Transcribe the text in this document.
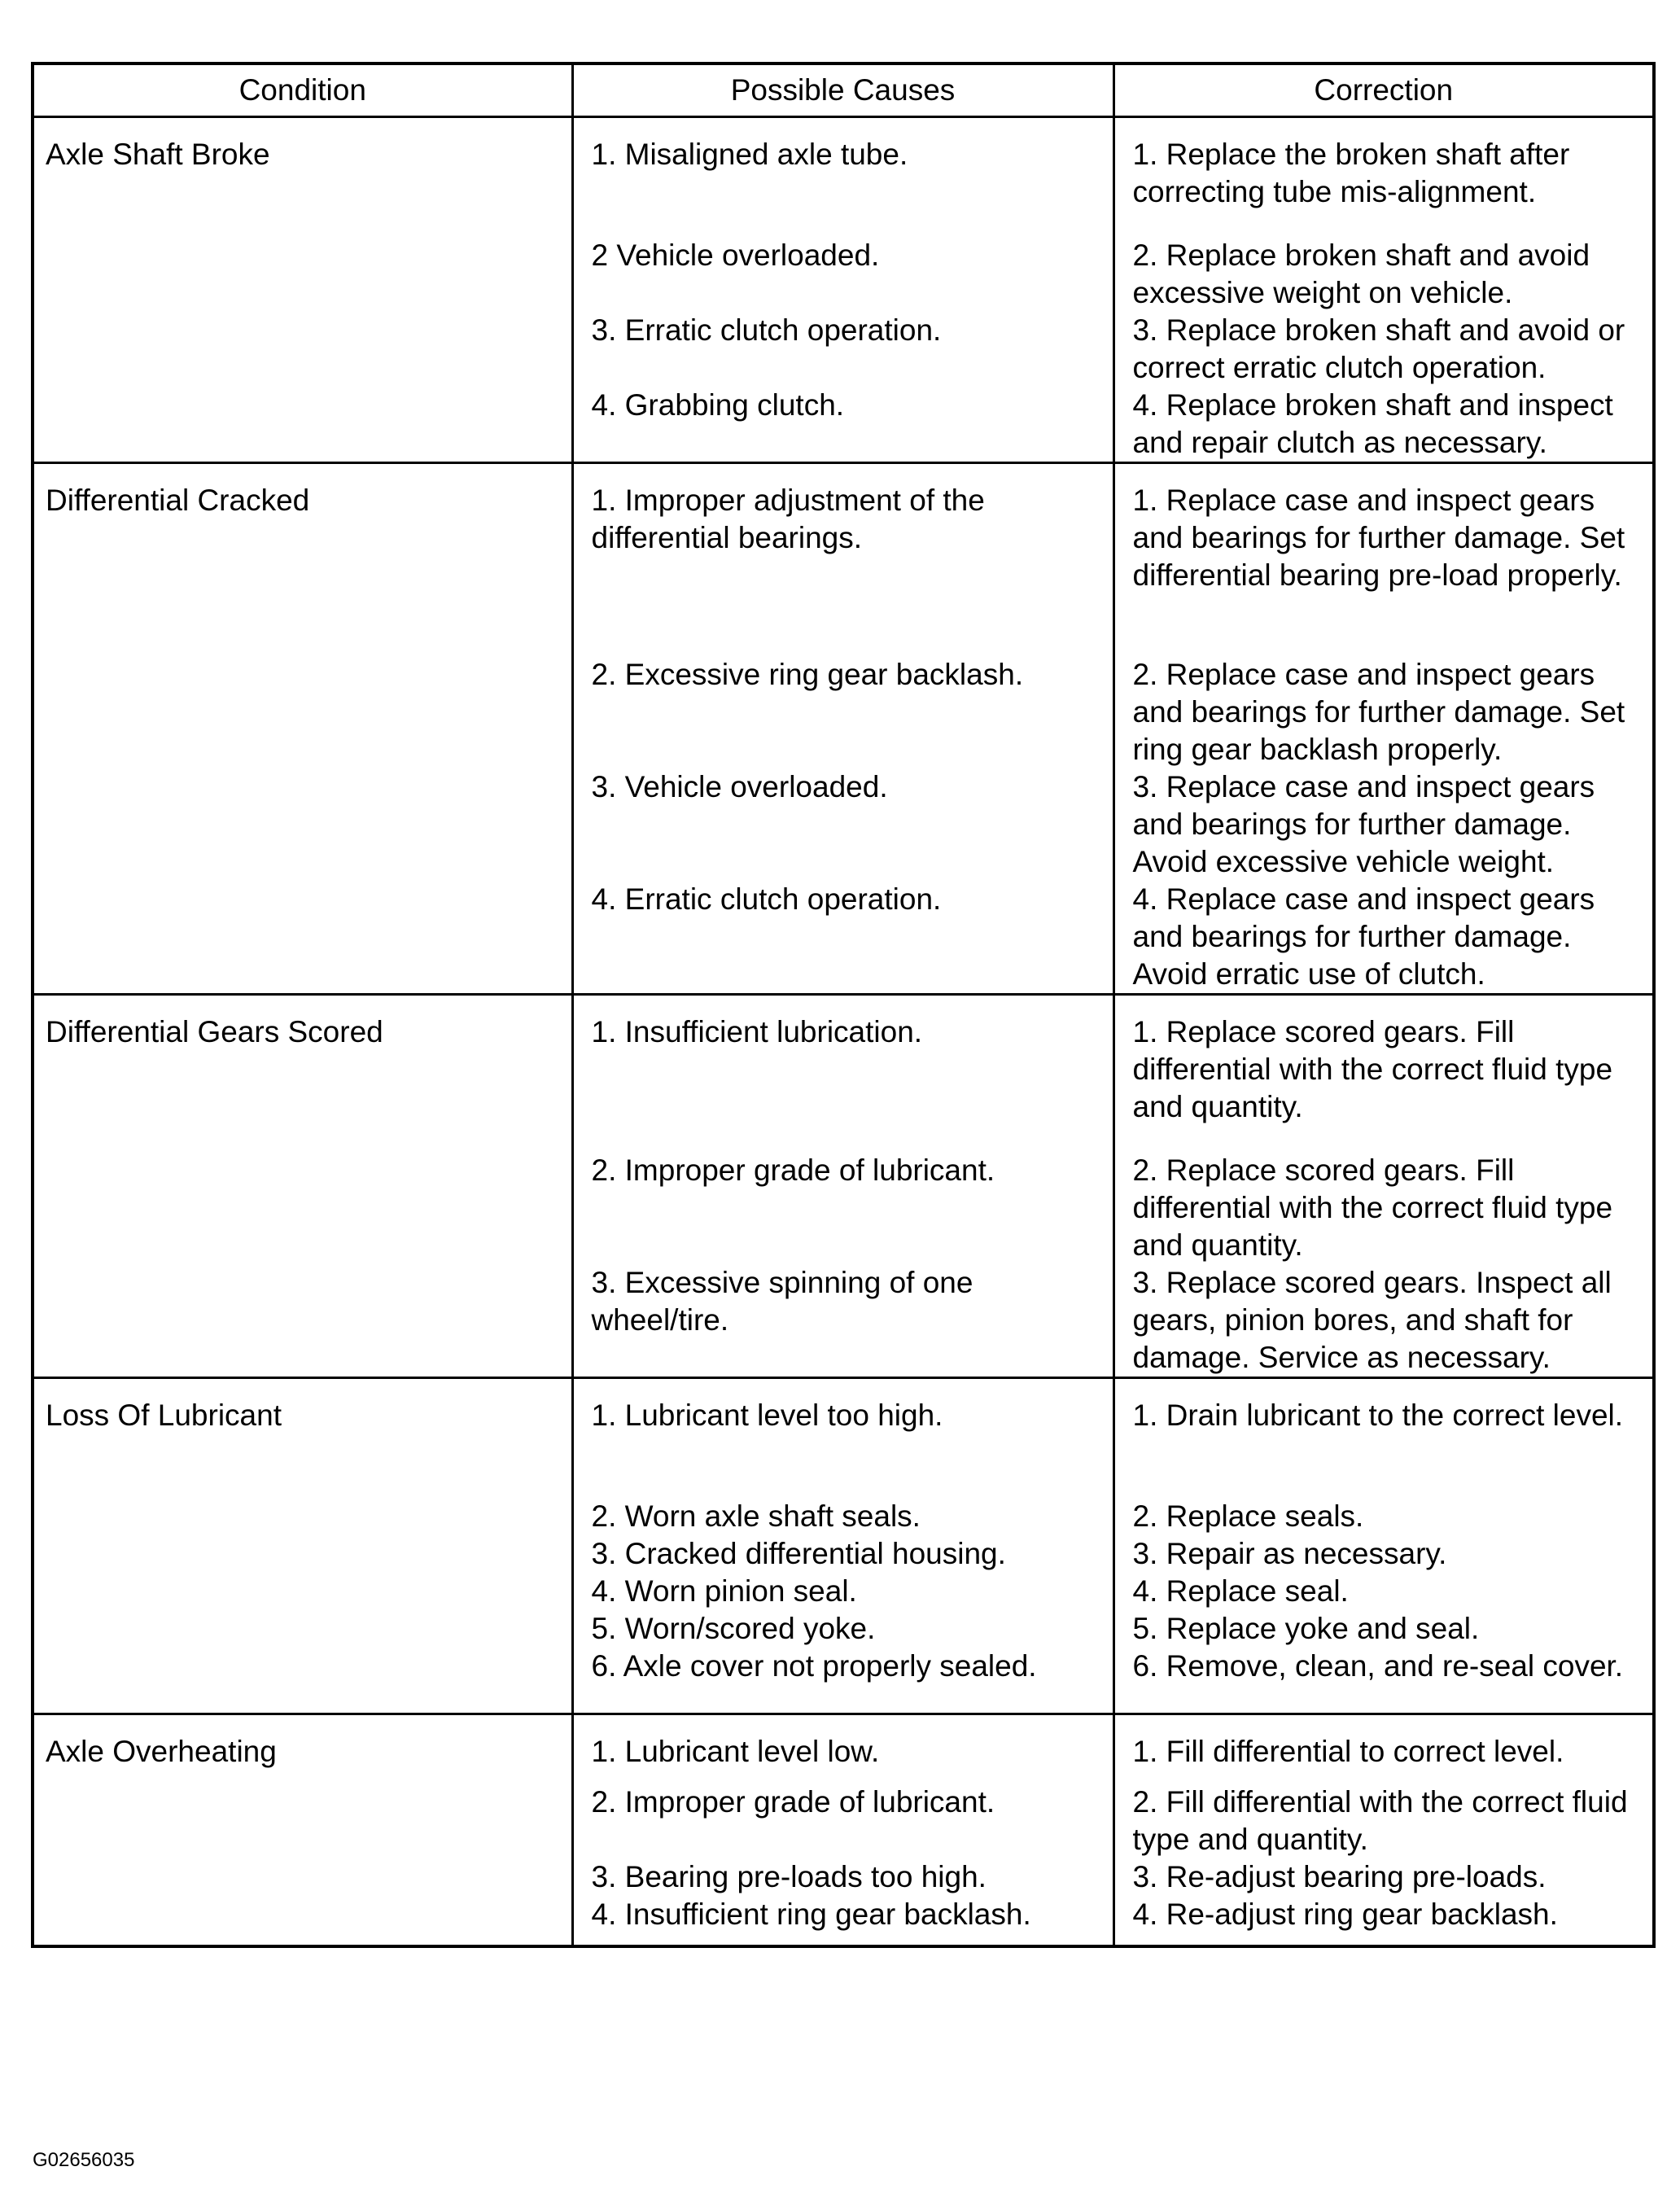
Condition	Possible Causes	Correction

Axle Shaft Broke	1. Misaligned axle tube.	1. Replace the broken shaft after correcting tube mis-alignment.

	2 Vehicle overloaded.	2. Replace broken shaft and avoid excessive weight on vehicle.

	3. Erratic clutch operation.	3. Replace broken shaft and avoid or correct erratic clutch operation.

	4. Grabbing clutch.	4. Replace broken shaft and inspect and repair clutch as necessary.

Differential Cracked	1. Improper adjustment of the differential bearings.	1. Replace case and inspect gears and bearings for further damage. Set differential bearing pre-load properly.

	2. Excessive ring gear backlash.	2. Replace case and inspect gears and bearings for further damage. Set ring gear backlash properly.

	3. Vehicle overloaded.	3. Replace case and inspect gears and bearings for further damage. Avoid excessive vehicle weight.

	4. Erratic clutch operation.	4. Replace case and inspect gears and bearings for further damage. Avoid erratic use of clutch.

Differential Gears Scored	1. Insufficient lubrication.	1. Replace scored gears. Fill differential with the correct fluid type and quantity.

	2. Improper grade of lubricant.	2. Replace scored gears. Fill differential with the correct fluid type and quantity.

	3. Excessive spinning of one wheel/tire.	3. Replace scored gears. Inspect all gears, pinion bores, and shaft for damage. Service as necessary.

Loss Of Lubricant	1. Lubricant level too high.	1. Drain lubricant to the correct level.

	2. Worn axle shaft seals.	2. Replace seals.

	3. Cracked differential housing.	3. Repair as necessary.

	4. Worn pinion seal.	4. Replace seal.

	5. Worn/scored yoke.	5. Replace yoke and seal.

	6. Axle cover not properly sealed.	6. Remove, clean, and re-seal cover.

Axle Overheating	1. Lubricant level low.	1. Fill differential to correct level.

	2. Improper grade of lubricant.	2. Fill differential with the correct fluid type and quantity.

	3. Bearing pre-loads too high.	3. Re-adjust bearing pre-loads.

	4. Insufficient ring gear backlash.	4. Re-adjust ring gear backlash.
G02656035
